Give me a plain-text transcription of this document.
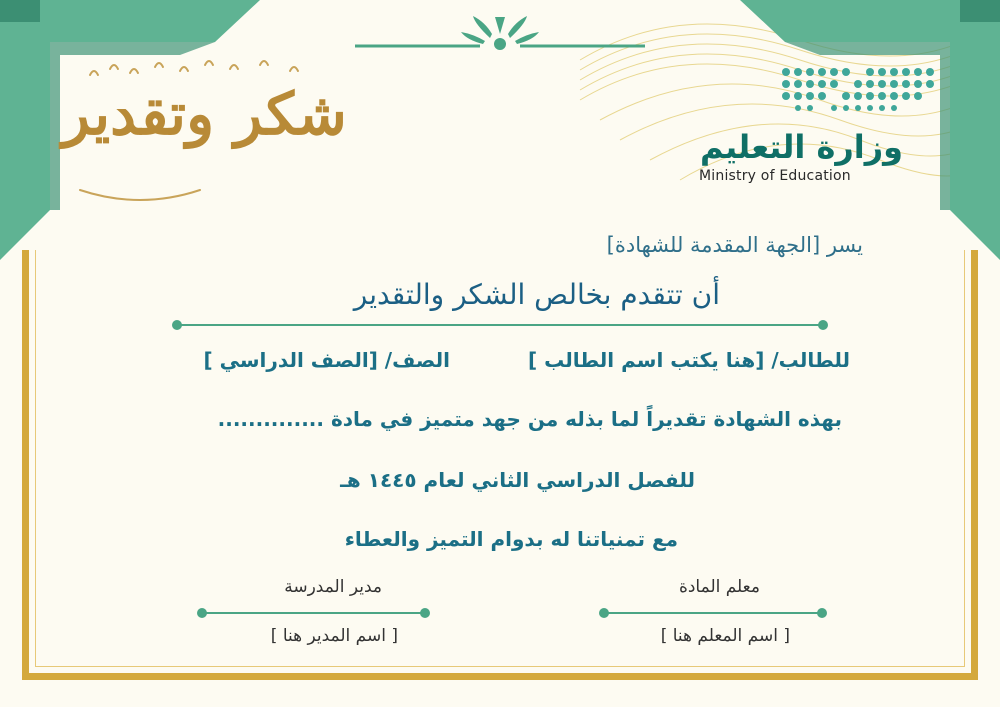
شكر وتقدير	وزارة التعليم
Ministry of Education
يسر [الجهة المقدمة للشهادة]
أن تتقدم بخالص الشكر والتقدير
للطالب/ [هنا يكتب اسم الطالب ]
الصف/ [الصف الدراسي ]
بهذه الشهادة تقديراً لما بذله من جهد متميز في مادة ..............
للفصل الدراسي الثاني لعام ١٤٤٥ هـ
مع تمنياتنا له بدوام التميز والعطاء
معلم المادة
[ اسم المعلم هنا ]
مدير المدرسة
[ اسم المدير هنا ]
